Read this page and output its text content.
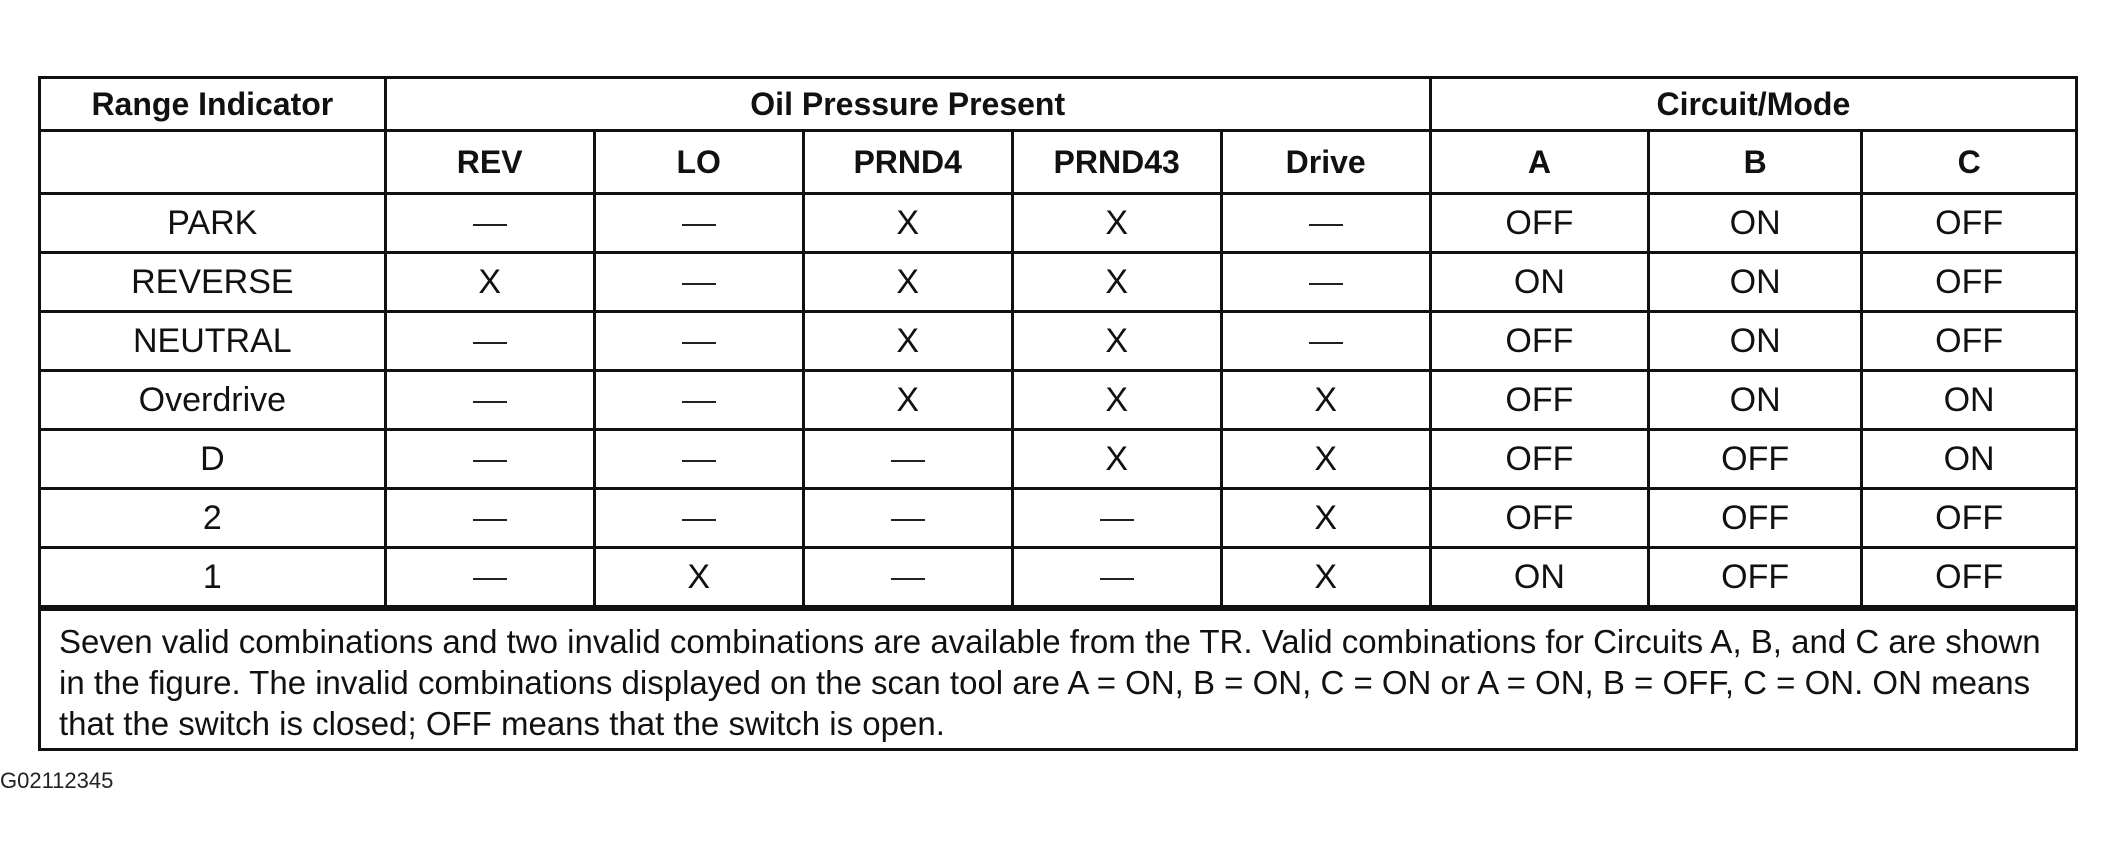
Range Indicator	Oil Pressure Present					Circuit/Mode		
	REV	LO	PRND4	PRND43	Drive	A	B	C
PARK			X	X		OFF	ON	OFF
REVERSE	X		X	X		ON	ON	OFF
NEUTRAL			X	X		OFF	ON	OFF
Overdrive			X	X	X	OFF	ON	ON
D				X	X	OFF	OFF	ON
2					X	OFF	OFF	OFF
1		X			X	ON	OFF	OFF
Seven valid combinations and two invalid combinations are available from the TR. Valid combinations for Circuits A, B, and C are shown in the figure. The invalid combinations displayed on the scan tool are A = ON, B = ON, C = ON or A = ON, B = OFF, C = ON. ON means that the switch is closed; OFF means that the switch is open.
G02112345
